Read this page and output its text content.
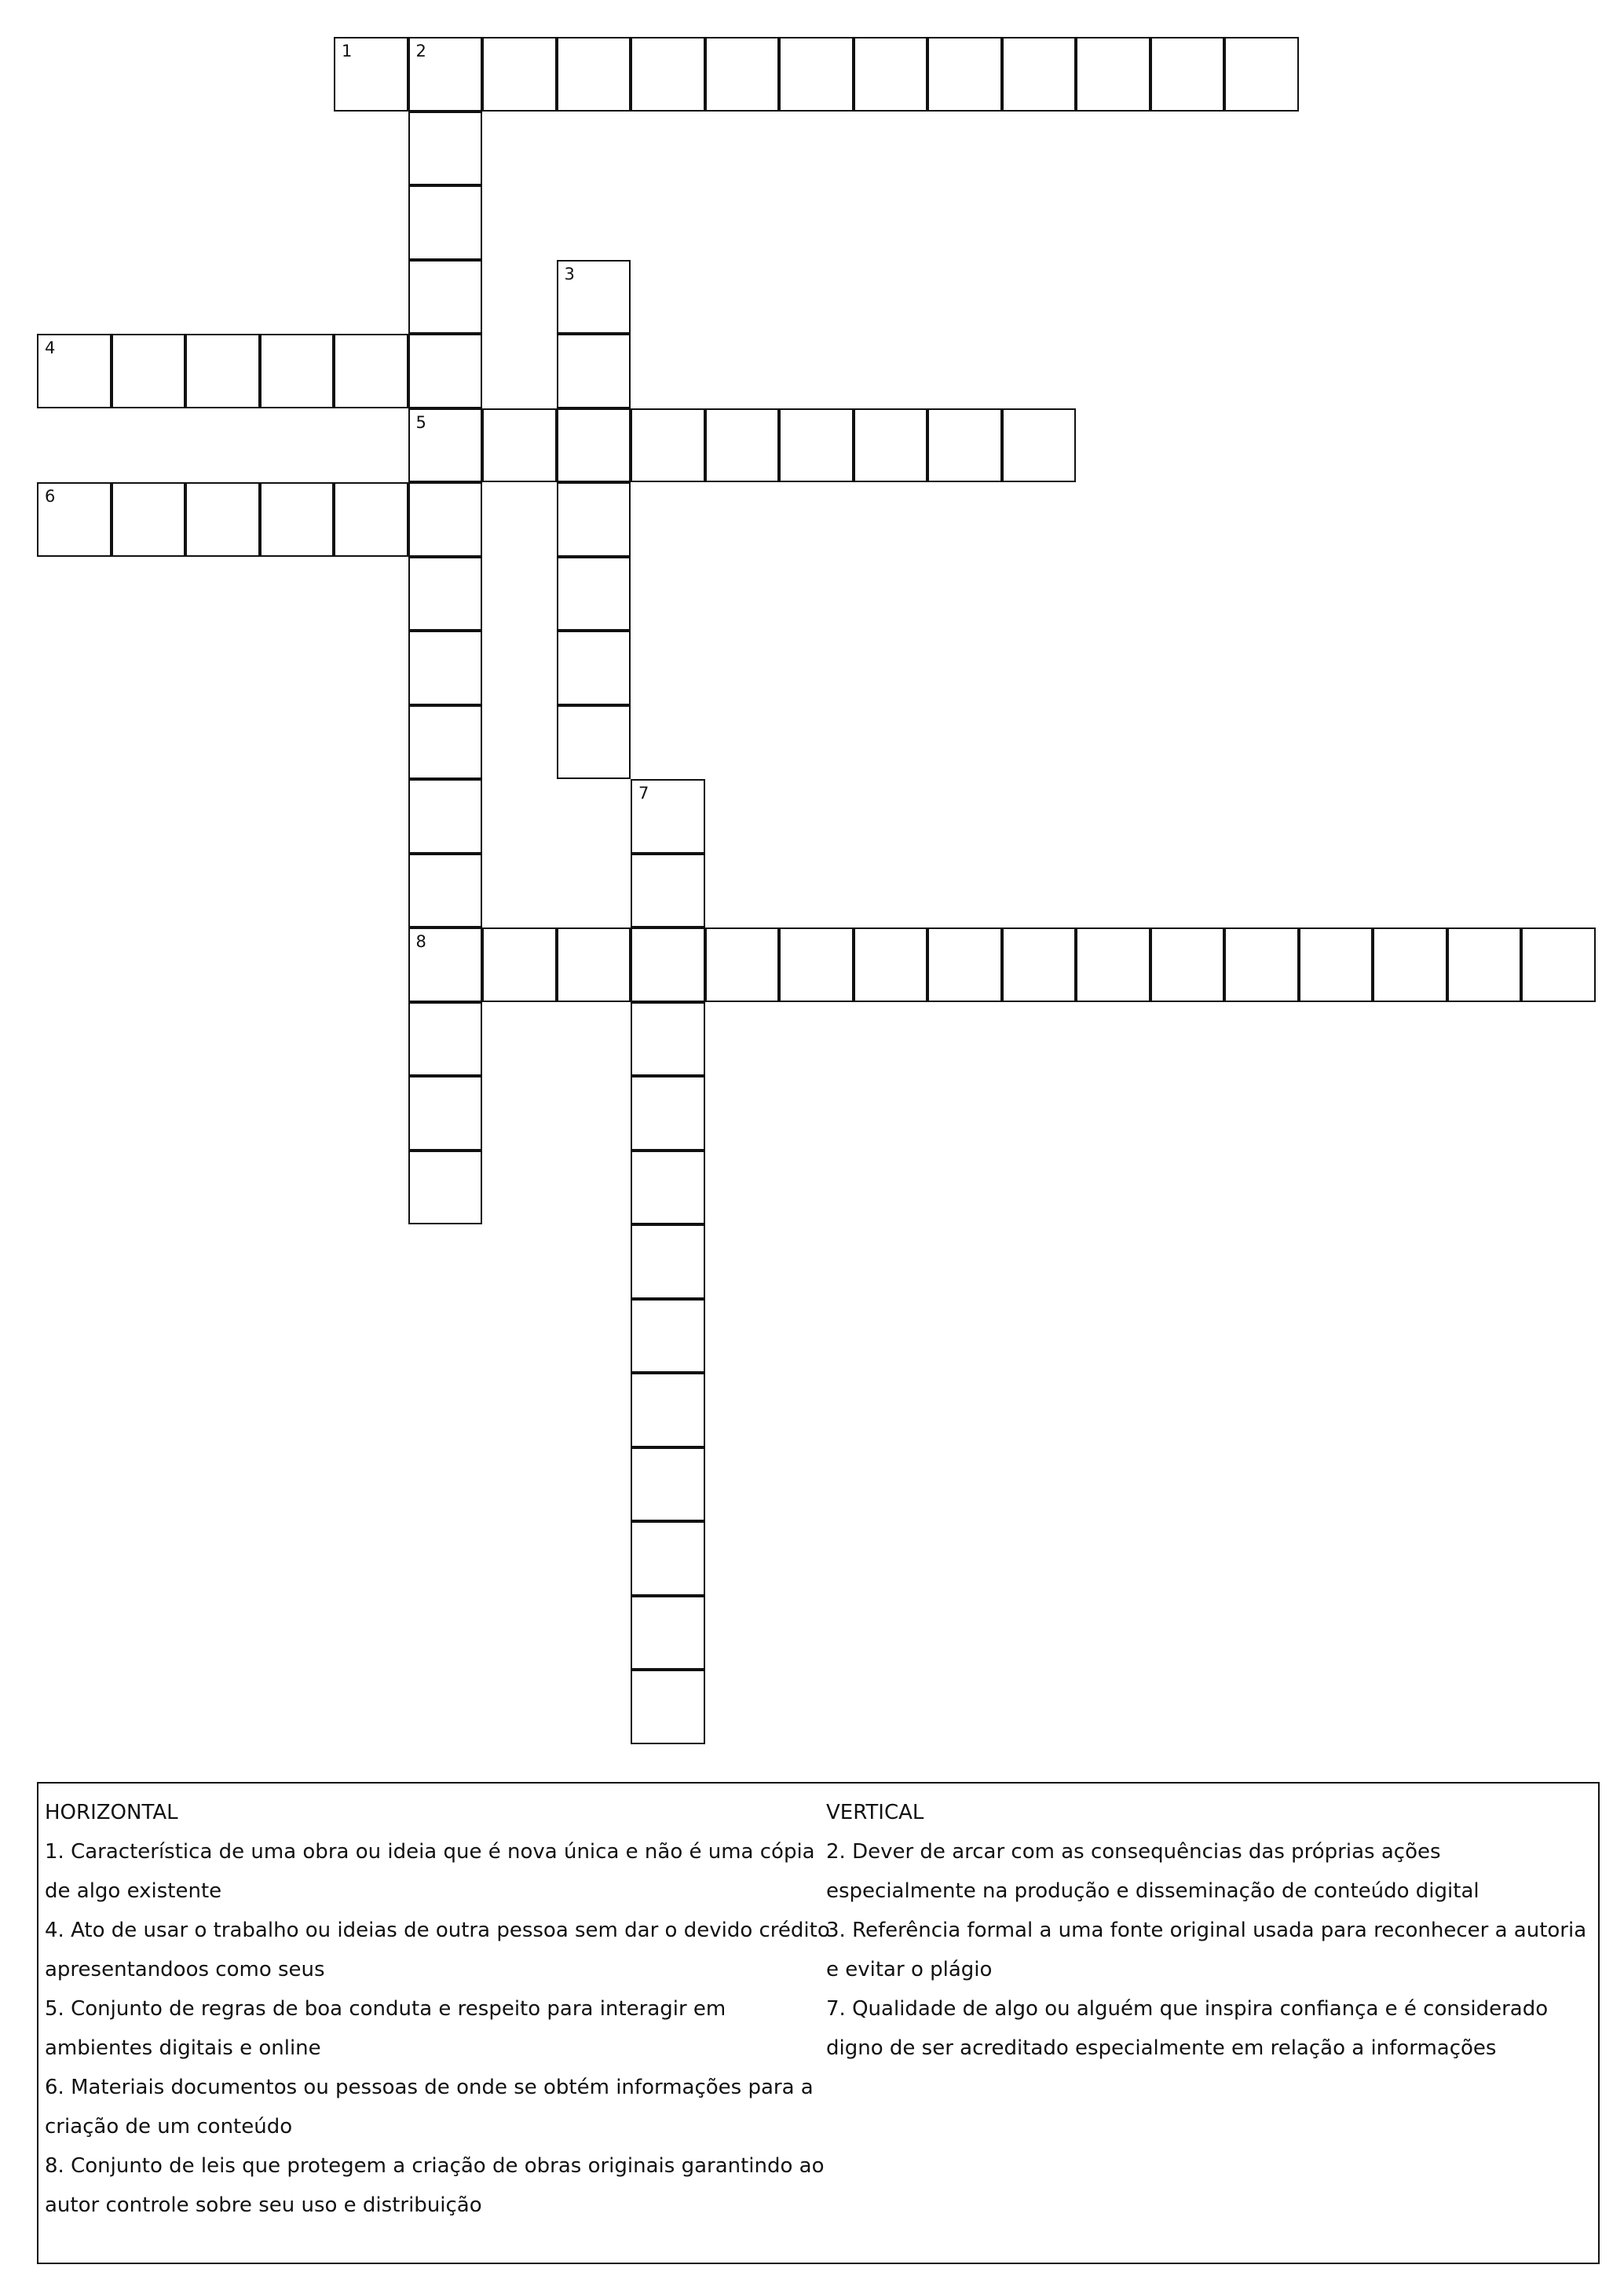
1	2
5
8
3
4
6
7

HORIZONTAL

1. Característica de uma obra ou ideia que é nova única e não é uma cópia de algo existente

4. Ato de usar o trabalho ou ideias de outra pessoa sem dar o devido crédito apresentandoos como seus

5. Conjunto de regras de boa conduta e respeito para interagir em ambientes digitais e online

6. Materiais documentos ou pessoas de onde se obtém informações para a criação de um conteúdo

8. Conjunto de leis que protegem a criação de obras originais garantindo ao autor controle sobre seu uso e distribuição

VERTICAL

2. Dever de arcar com as consequências das próprias ações especialmente na produção e disseminação de conteúdo digital

3. Referência formal a uma fonte original usada para reconhecer a autoria e evitar o plágio

7. Qualidade de algo ou alguém que inspira confiança e é considerado digno de ser acreditado especialmente em relação a informações
